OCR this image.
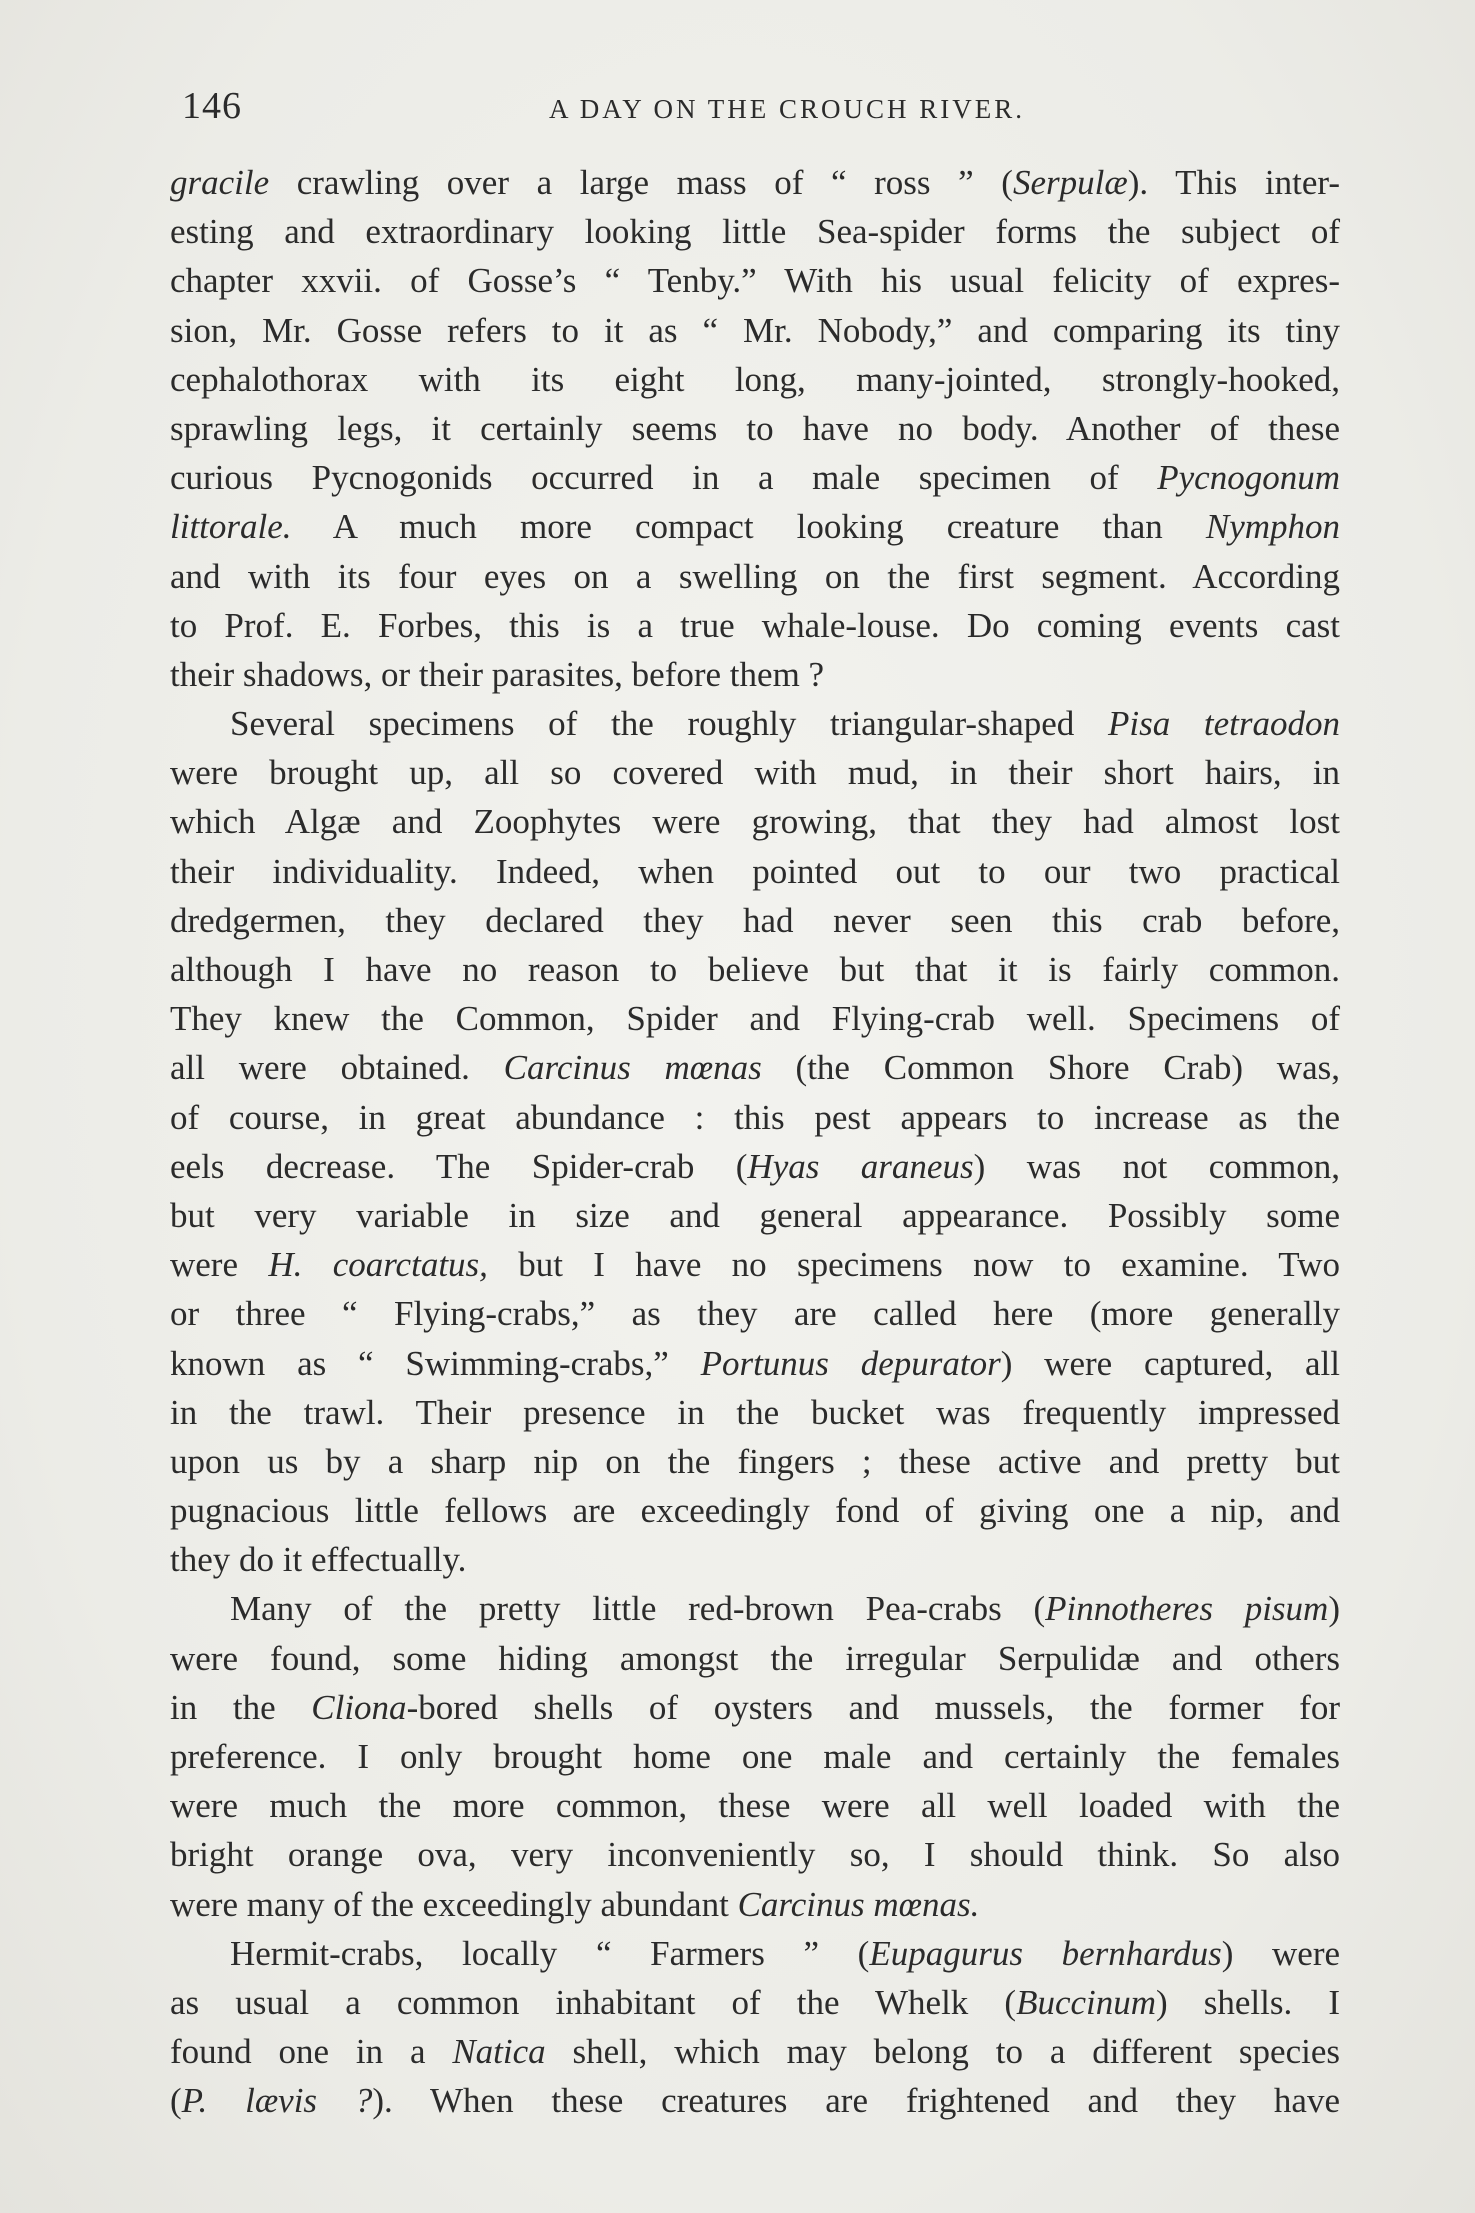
146	A DAY ON THE CROUCH RIVER.
gracile crawling over a large mass of “ ross ” (Serpulæ). This inter-
esting and extraordinary looking little Sea-spider forms the subject of
chapter xxvii. of Gosse’s “ Tenby.” With his usual felicity of expres-
sion, Mr. Gosse refers to it as “ Mr. Nobody,” and comparing its tiny
cephalothorax with its eight long, many-jointed, strongly-hooked,
sprawling legs, it certainly seems to have no body. Another of these
curious Pycnogonids occurred in a male specimen of Pycnogonum
littorale. A much more compact looking creature than Nymphon
and with its four eyes on a swelling on the first segment. According
to Prof. E. Forbes, this is a true whale-louse. Do coming events cast
their shadows, or their parasites, before them ?
Several specimens of the roughly triangular-shaped Pisa tetraodon
were brought up, all so covered with mud, in their short hairs, in
which Algæ and Zoophytes were growing, that they had almost lost
their individuality. Indeed, when pointed out to our two practical
dredgermen, they declared they had never seen this crab before,
although I have no reason to believe but that it is fairly common.
They knew the Common, Spider and Flying-crab well. Specimens of
all were obtained. Carcinus mœnas (the Common Shore Crab) was,
of course, in great abundance : this pest appears to increase as the
eels decrease. The Spider-crab (Hyas araneus) was not common,
but very variable in size and general appearance. Possibly some
were H. coarctatus, but I have no specimens now to examine. Two
or three “ Flying-crabs,” as they are called here (more generally
known as “ Swimming-crabs,” Portunus depurator) were captured, all
in the trawl. Their presence in the bucket was frequently impressed
upon us by a sharp nip on the fingers ; these active and pretty but
pugnacious little fellows are exceedingly fond of giving one a nip, and
they do it effectually.
Many of the pretty little red-brown Pea-crabs (Pinnotheres pisum)
were found, some hiding amongst the irregular Serpulidæ and others
in the Cliona-bored shells of oysters and mussels, the former for
preference. I only brought home one male and certainly the females
were much the more common, these were all well loaded with the
bright orange ova, very inconveniently so, I should think. So also
were many of the exceedingly abundant Carcinus mœnas.
Hermit-crabs, locally “ Farmers ” (Eupagurus bernhardus) were
as usual a common inhabitant of the Whelk (Buccinum) shells. I
found one in a Natica shell, which may belong to a different species
(P. lævis ?). When these creatures are frightened and they have
